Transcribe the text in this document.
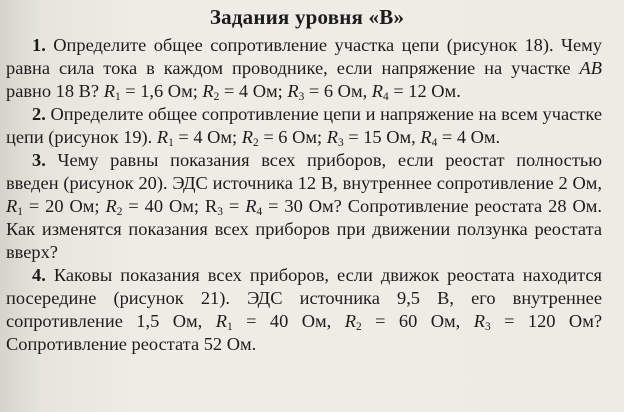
Задания уровня «В»

1. Определите общее сопротивление участка цепи (рисунок 18). Чему равна сила тока в каждом проводнике, если напряжение на участке AB равно 18 В? $R_1 = 1,6$ Ом; $R_2 = 4$ Ом; $R_3 = 6$ Ом, $R_4 = 12$ Ом.

2. Определите общее сопротивление цепи и напряжение на всем участке цепи (рисунок 19). $R_1 = 4$ Ом; $R_2 = 6$ Ом; $R_3 = 15$ Ом, $R_4 = 4$ Ом.

3. Чему равны показания всех приборов, если реостат полностью введен (рисунок 20). ЭДС источника 12 В, внутреннее сопротивление 2 Ом, $R_1 = 20$ Ом; $R_2 = 40$ Ом; $R_3 = R_4 = 30$ Ом? Сопротивление реостата 28 Ом. Как изменятся показания всех приборов при движении ползунка реостата вверх?

4. Каковы показания всех приборов, если движок реостата находится посередине (рисунок 21). ЭДС источника 9,5 В, его внутреннее сопротивление 1,5 Ом, $R_1 = 40$ Ом, $R_2 = 60$ Ом, $R_3 = 120$ Ом? Сопротивление реостата 52 Ом.
